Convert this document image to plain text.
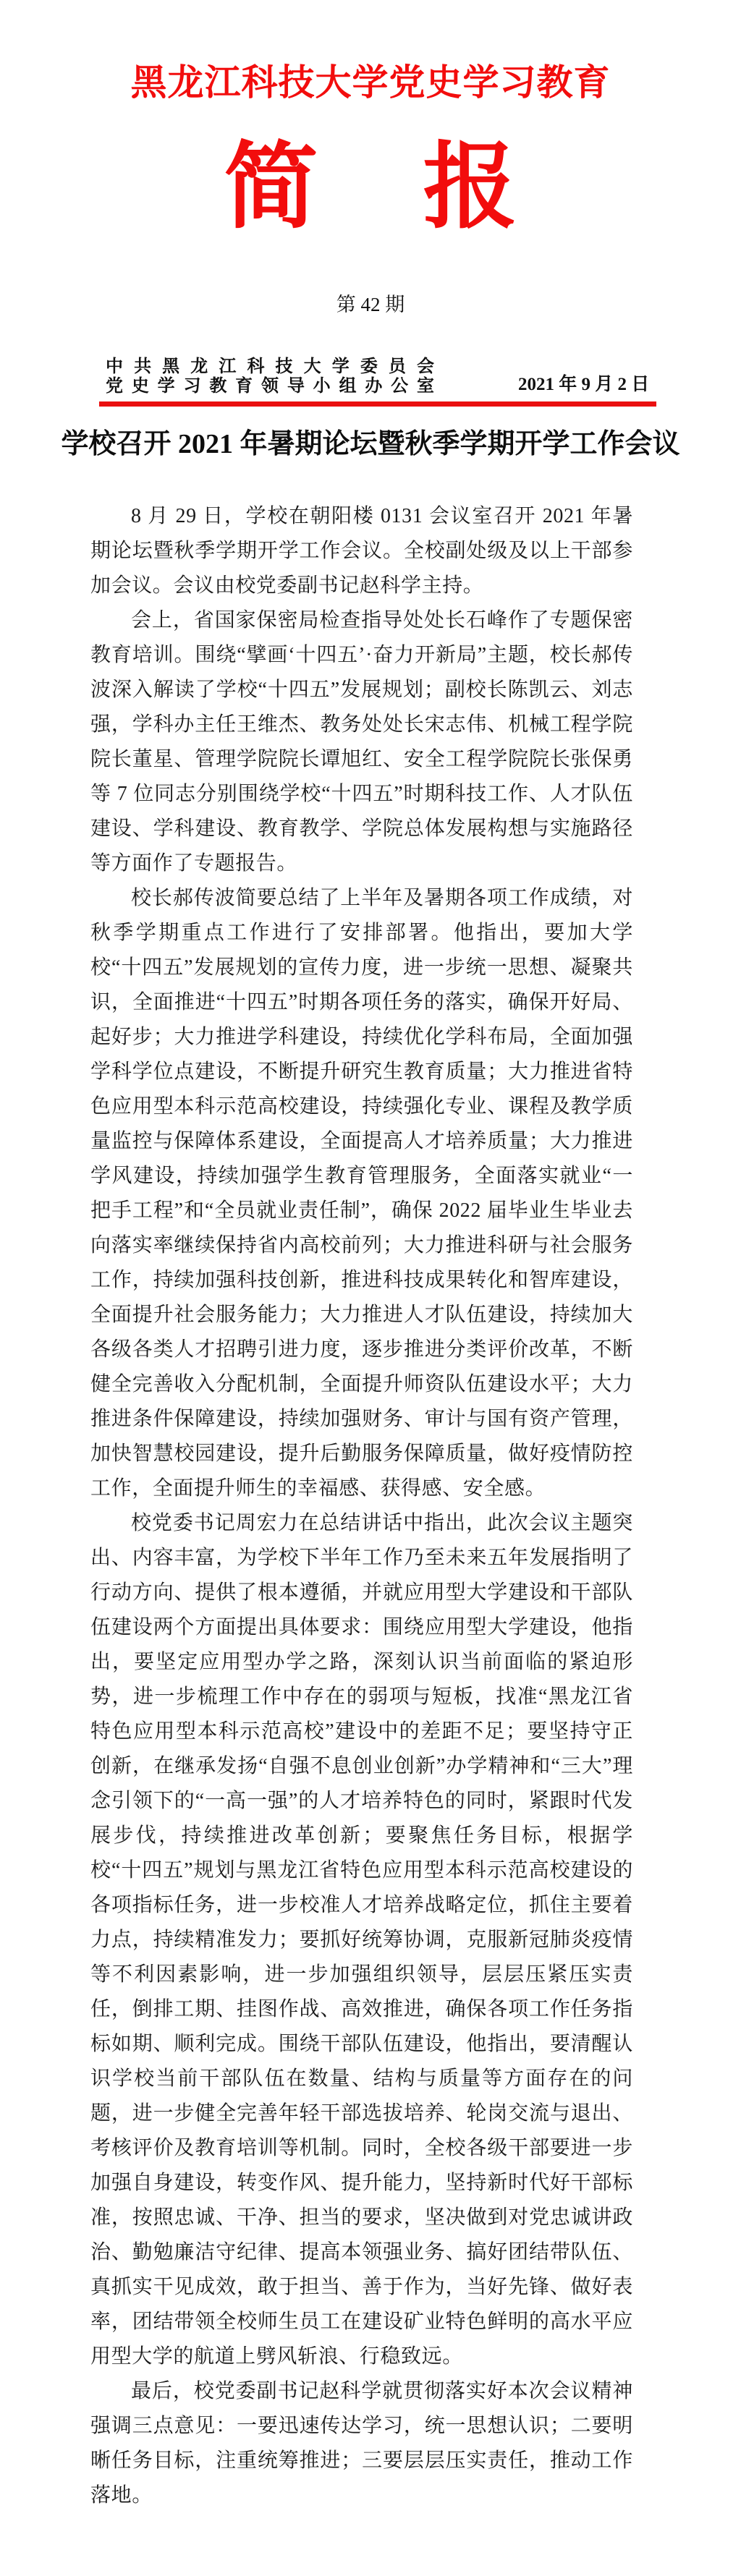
黑龙江科技大学党史学习教育
简 报
第 42 期
中共黑龙江科技大学委员会
党史学习教育领导小组办公室	2021 年 9 月 2 日
学校召开 2021 年暑期论坛暨秋季学期开学工作会议

8 月 29 日，学校在朝阳楼 0131 会议室召开 2021 年暑期论坛暨秋季学期开学工作会议。全校副处级及以上干部参加会议。会议由校党委副书记赵科学主持。

会上，省国家保密局检查指导处处长石峰作了专题保密教育培训。围绕“擘画‘十四五’·奋力开新局”主题，校长郝传波深入解读了学校“十四五”发展规划；副校长陈凯云、刘志强，学科办主任王维杰、教务处处长宋志伟、机械工程学院院长董星、管理学院院长谭旭红、安全工程学院院长张保勇等 7 位同志分别围绕学校“十四五”时期科技工作、人才队伍建设、学科建设、教育教学、学院总体发展构想与实施路径等方面作了专题报告。

校长郝传波简要总结了上半年及暑期各项工作成绩，对秋季学期重点工作进行了安排部署。他指出，要加大学校“十四五”发展规划的宣传力度，进一步统一思想、凝聚共识，全面推进“十四五”时期各项任务的落实，确保开好局、起好步；大力推进学科建设，持续优化学科布局，全面加强学科学位点建设，不断提升研究生教育质量；大力推进省特色应用型本科示范高校建设，持续强化专业、课程及教学质量监控与保障体系建设，全面提高人才培养质量；大力推进学风建设，持续加强学生教育管理服务，全面落实就业“一把手工程”和“全员就业责任制”，确保 2022 届毕业生毕业去向落实率继续保持省内高校前列；大力推进科研与社会服务工作，持续加强科技创新，推进科技成果转化和智库建设，全面提升社会服务能力；大力推进人才队伍建设，持续加大各级各类人才招聘引进力度，逐步推进分类评价改革，不断健全完善收入分配机制，全面提升师资队伍建设水平；大力推进条件保障建设，持续加强财务、审计与国有资产管理，加快智慧校园建设，提升后勤服务保障质量，做好疫情防控工作，全面提升师生的幸福感、获得感、安全感。

校党委书记周宏力在总结讲话中指出，此次会议主题突出、内容丰富，为学校下半年工作乃至未来五年发展指明了行动方向、提供了根本遵循，并就应用型大学建设和干部队伍建设两个方面提出具体要求：围绕应用型大学建设，他指出，要坚定应用型办学之路，深刻认识当前面临的紧迫形势，进一步梳理工作中存在的弱项与短板，找准“黑龙江省特色应用型本科示范高校”建设中的差距不足；要坚持守正创新，在继承发扬“自强不息创业创新”办学精神和“三大”理念引领下的“一高一强”的人才培养特色的同时，紧跟时代发展步伐，持续推进改革创新；要聚焦任务目标，根据学校“十四五”规划与黑龙江省特色应用型本科示范高校建设的各项指标任务，进一步校准人才培养战略定位，抓住主要着力点，持续精准发力；要抓好统筹协调，克服新冠肺炎疫情等不利因素影响，进一步加强组织领导，层层压紧压实责任，倒排工期、挂图作战、高效推进，确保各项工作任务指标如期、顺利完成。围绕干部队伍建设，他指出，要清醒认识学校当前干部队伍在数量、结构与质量等方面存在的问题，进一步健全完善年轻干部选拔培养、轮岗交流与退出、考核评价及教育培训等机制。同时，全校各级干部要进一步加强自身建设，转变作风、提升能力，坚持新时代好干部标准，按照忠诚、干净、担当的要求，坚决做到对党忠诚讲政治、勤勉廉洁守纪律、提高本领强业务、搞好团结带队伍、真抓实干见成效，敢于担当、善于作为，当好先锋、做好表率，团结带领全校师生员工在建设矿业特色鲜明的高水平应用型大学的航道上劈风斩浪、行稳致远。

最后，校党委副书记赵科学就贯彻落实好本次会议精神强调三点意见：一要迅速传达学习，统一思想认识；二要明晰任务目标，注重统筹推进；三要层层压实责任，推动工作落地。
